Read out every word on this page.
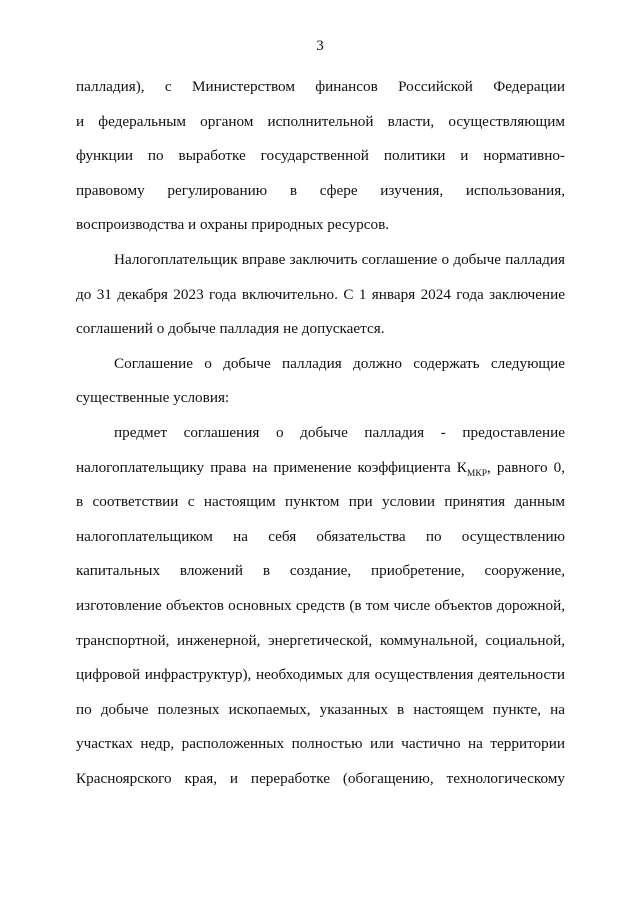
3
палладия), с Министерством финансов Российской Федерации
и федеральным органом исполнительной власти, осуществляющим
функции по выработке государственной политики и нормативно-
правовому регулированию в сфере изучения, использования,
воспроизводства и охраны природных ресурсов.
Налогоплательщик вправе заключить соглашение о добыче палладия
до 31 декабря 2023 года включительно. С 1 января 2024 года заключение
соглашений о добыче палладия не допускается.
Соглашение о добыче палладия должно содержать следующие
существенные условия:
предмет соглашения о добыче палладия - предоставление
налогоплательщику права на применение коэффициента $К_{МКР}$, равного 0,
в соответствии с настоящим пунктом при условии принятия данным
налогоплательщиком на себя обязательства по осуществлению
капитальных вложений в создание, приобретение, сооружение,
изготовление объектов основных средств (в том числе объектов дорожной,
транспортной, инженерной, энергетической, коммунальной, социальной,
цифровой инфраструктур), необходимых для осуществления деятельности
по добыче полезных ископаемых, указанных в настоящем пункте, на
участках недр, расположенных полностью или частично на территории
Красноярского края, и переработке (обогащению, технологическому
